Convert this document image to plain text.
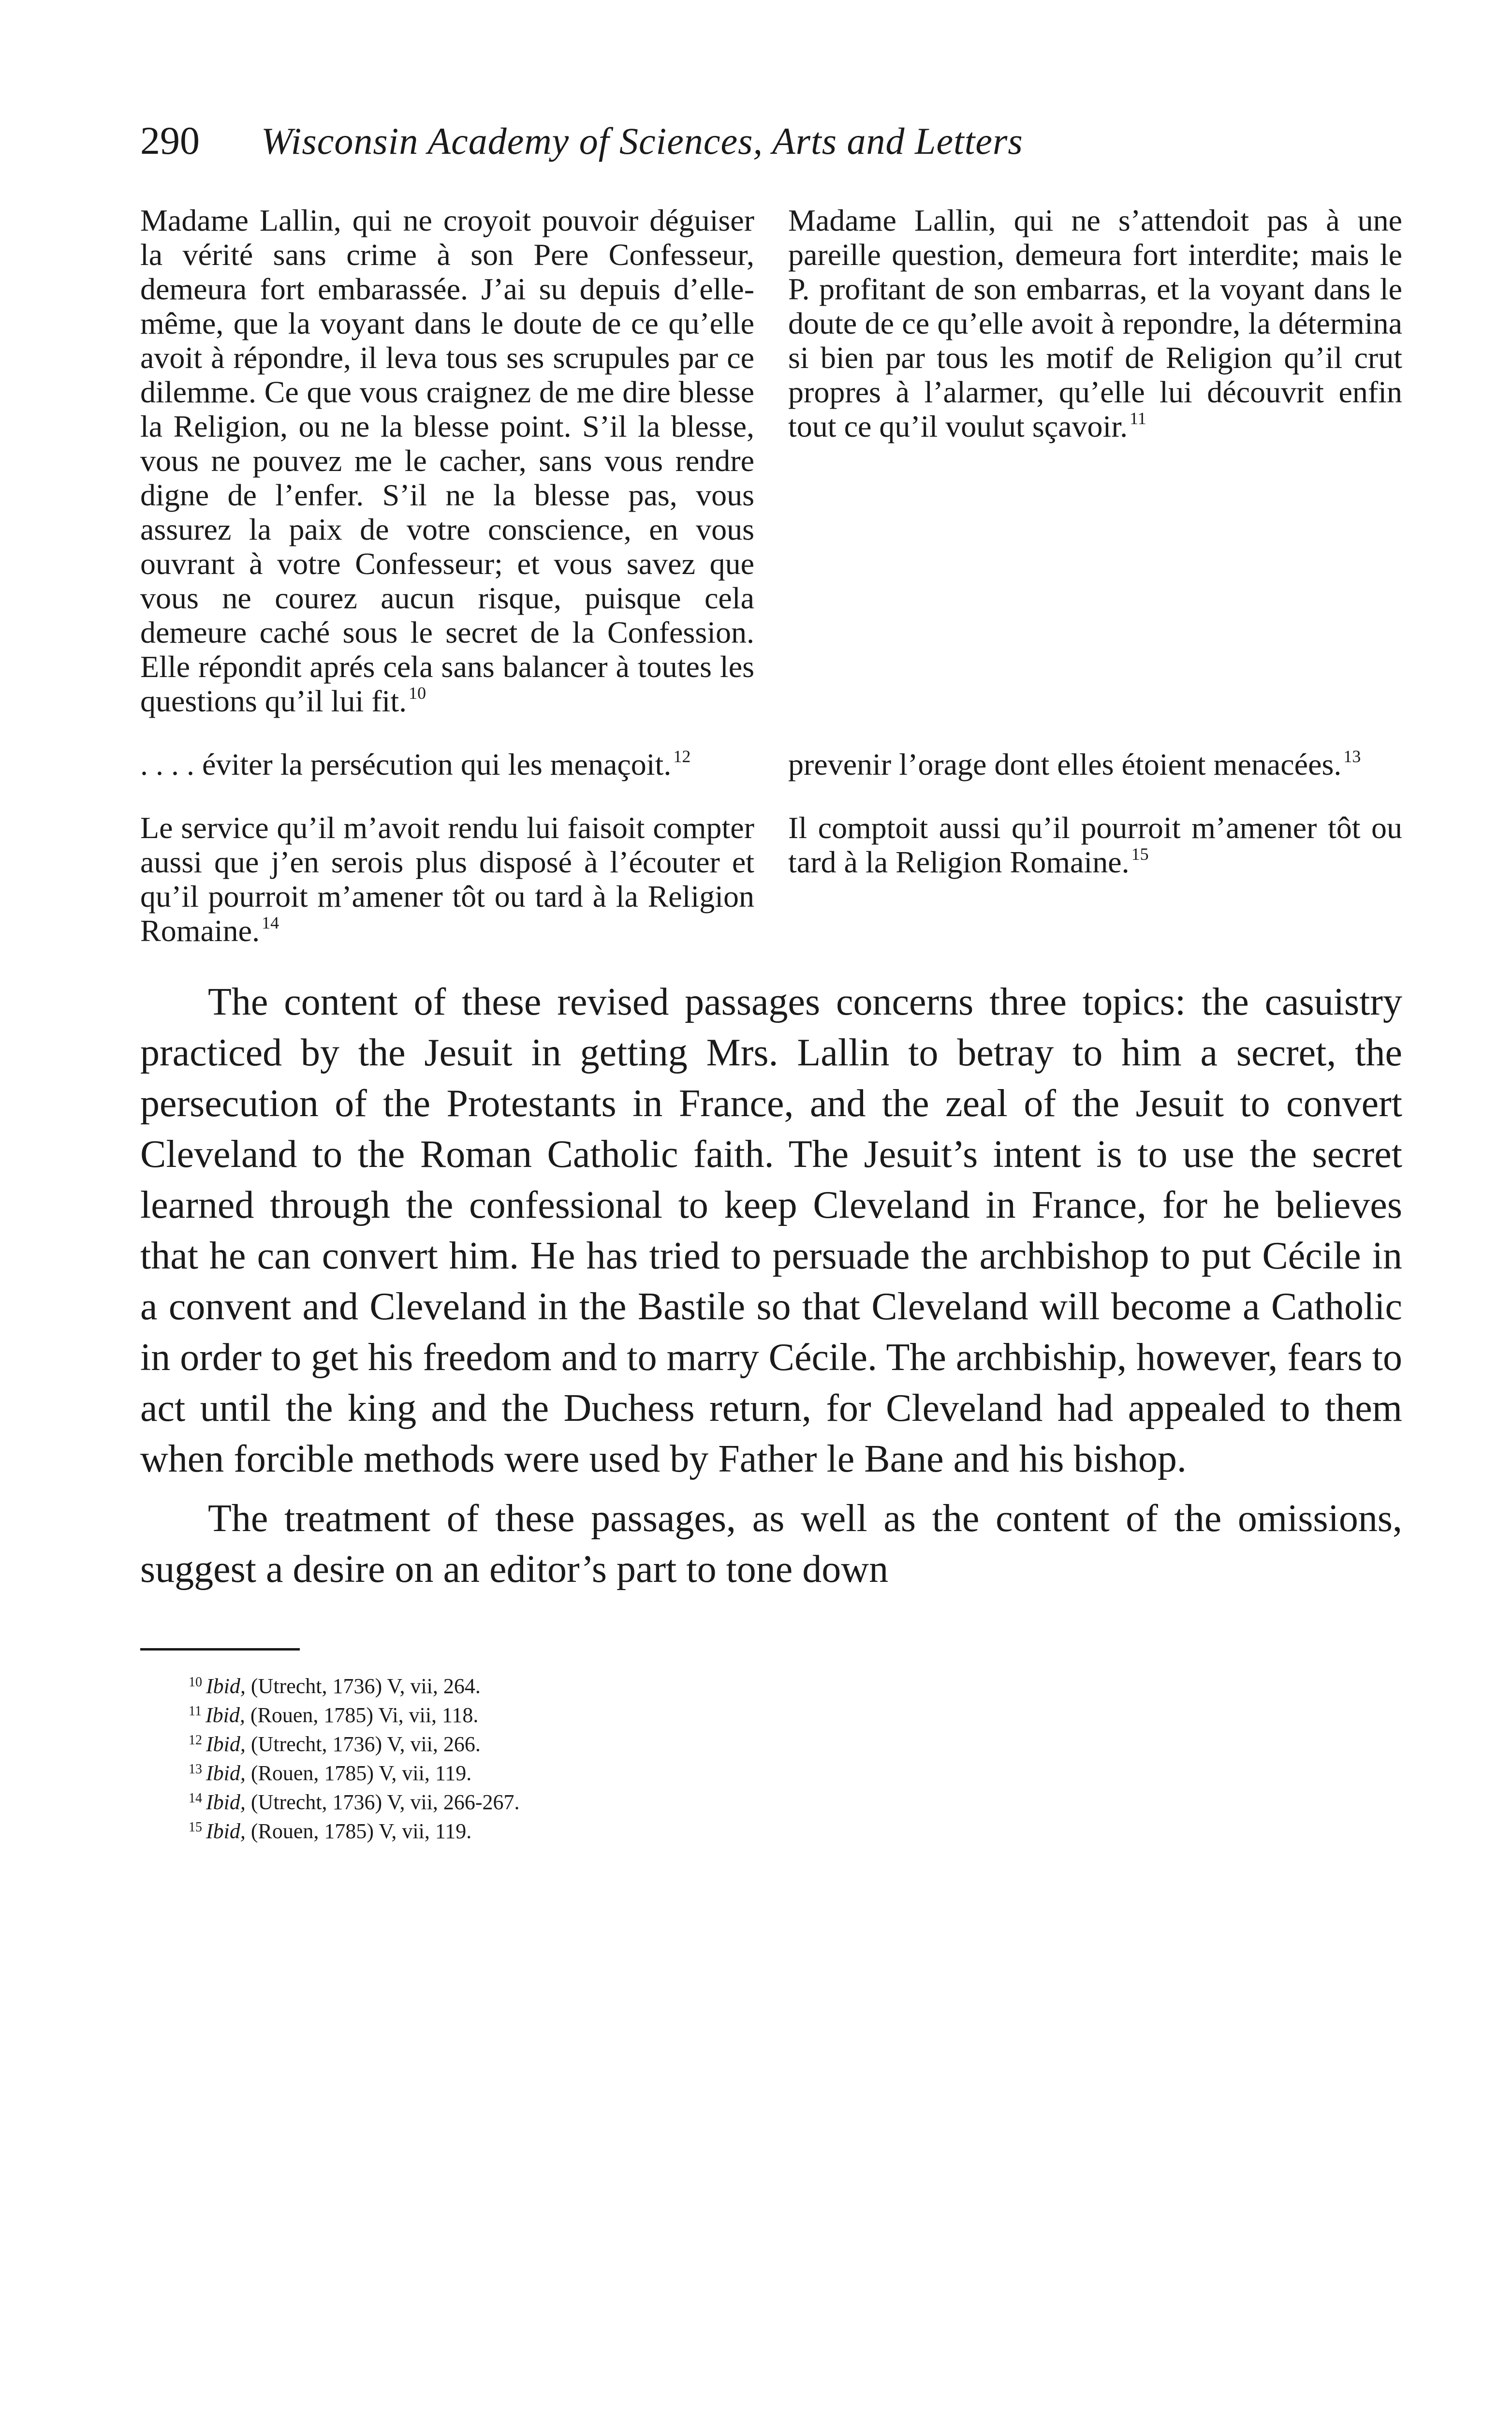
290	Wisconsin Academy of Sciences, Arts and Letters
Madame Lallin, qui ne croyoit pouvoir déguiser la vérité sans crime à son Pere Confesseur, demeura fort embarassée. J’ai su depuis d’elle-même, que la voyant dans le doute de ce qu’elle avoit à répondre, il leva tous ses scrupules par ce dilemme. Ce que vous craignez de me dire blesse la Religion, ou ne la blesse point. S’il la blesse, vous ne pouvez me le cacher, sans vous rendre digne de l’enfer. S’il ne la blesse pas, vous assurez la paix de votre conscience, en vous ouvrant à votre Confesseur; et vous savez que vous ne courez aucun risque, puisque cela demeure caché sous le secret de la Confession. Elle répondit aprés cela sans balancer à toutes les questions qu’il lui fit. $^{10}$
Madame Lallin, qui ne s’attendoit pas à une pareille question, demeura fort interdite; mais le P. profitant de son embarras, et la voyant dans le doute de ce qu’elle avoit à repondre, la détermina si bien par tous les motif de Religion qu’il crut propres à l’alarmer, qu’elle lui découvrit enfin tout ce qu’il voulut sçavoir. $^{11}$
. . . . éviter la persécution qui les menaçoit. $^{12}$	prevenir l’orage dont elles étoient menacées. $^{13}$
Le service qu’il m’avoit rendu lui faisoit compter aussi que j’en serois plus disposé à l’écouter et qu’il pourroit m’amener tôt ou tard à la Religion Romaine. $^{14}$
Il comptoit aussi qu’il pourroit m’amener tôt ou tard à la Religion Romaine. $^{15}$

The content of these revised passages concerns three topics: the casuistry practiced by the Jesuit in getting Mrs. Lallin to betray to him a secret, the persecution of the Protestants in France, and the zeal of the Jesuit to convert Cleveland to the Roman Catholic faith. The Jesuit’s intent is to use the secret learned through the confessional to keep Cleveland in France, for he believes that he can convert him. He has tried to persuade the archbishop to put Cécile in a convent and Cleveland in the Bastile so that Cleveland will become a Catholic in order to get his freedom and to marry Cécile. The archbiship, however, fears to act until the king and the Duchess return, for Cleveland had appealed to them when forcible methods were used by Father le Bane and his bishop.

The treatment of these passages, as well as the content of the omissions, suggest a desire on an editor’s part to tone down

$^{10}$ Ibid, (Utrecht, 1736) V, vii, 264.
$^{11}$ Ibid, (Rouen, 1785) Vi, vii, 118.
$^{12}$ Ibid, (Utrecht, 1736) V, vii, 266.
$^{13}$ Ibid, (Rouen, 1785) V, vii, 119.
$^{14}$ Ibid, (Utrecht, 1736) V, vii, 266-267.
$^{15}$ Ibid, (Rouen, 1785) V, vii, 119.
